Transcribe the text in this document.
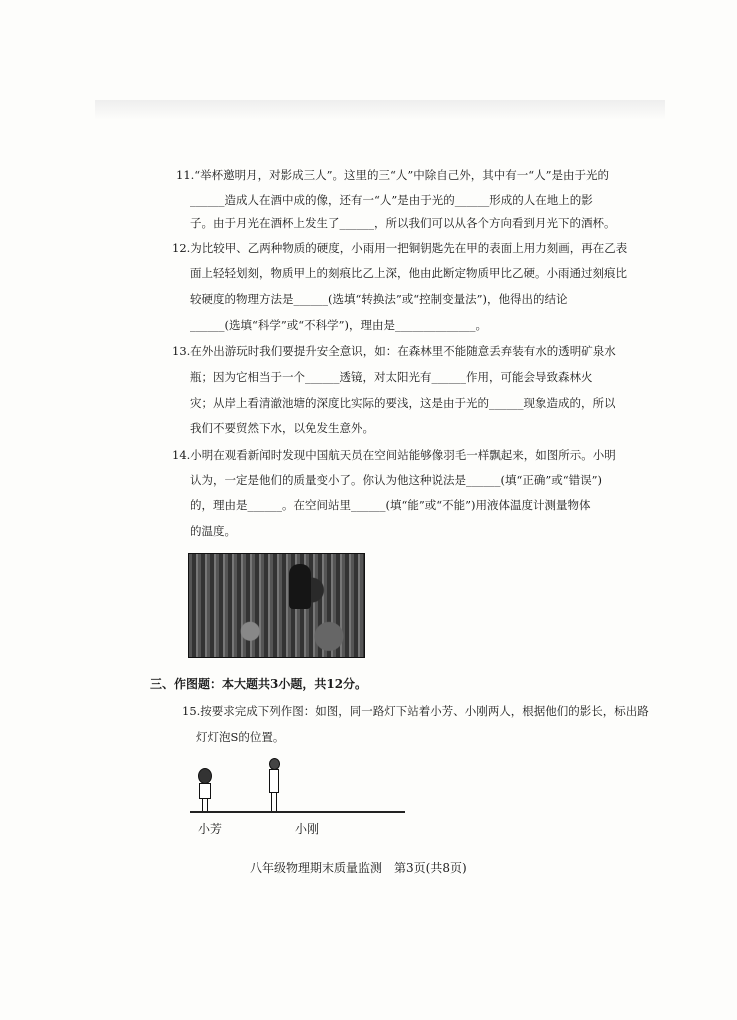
11.“举杯邀明月，对影成三人”。这里的三“人”中除自己外，其中有一“人”是由于光的
______造成人在酒中成的像，还有一“人”是由于光的______形成的人在地上的影
子。由于月光在酒杯上发生了______，所以我们可以从各个方向看到月光下的酒杯。
12.为比较甲、乙两种物质的硬度，小雨用一把铜钥匙先在甲的表面上用力刻画，再在乙表
面上轻轻划刻，物质甲上的刻痕比乙上深，他由此断定物质甲比乙硬。小雨通过刻痕比
较硬度的物理方法是______(选填“转换法”或“控制变量法”)，他得出的结论
______(选填“科学”或“不科学”)，理由是______________。
13.在外出游玩时我们要提升安全意识，如：在森林里不能随意丢弃装有水的透明矿泉水
瓶；因为它相当于一个______透镜，对太阳光有______作用，可能会导致森林火
灾；从岸上看清澈池塘的深度比实际的要浅，这是由于光的______现象造成的，所以
我们不要贸然下水，以免发生意外。
14.小明在观看新闻时发现中国航天员在空间站能够像羽毛一样飘起来，如图所示。小明
认为，一定是他们的质量变小了。你认为他这种说法是______(填“正确”或“错误”)
的，理由是______。在空间站里______(填“能”或“不能”)用液体温度计测量物体
的温度。
三、作图题：本大题共3小题，共12分。
15.按要求完成下列作图：如图，同一路灯下站着小芳、小刚两人，根据他们的影长，标出路
灯灯泡S的位置。
小芳	小刚
八年级物理期末质量监测　第3页(共8页)
